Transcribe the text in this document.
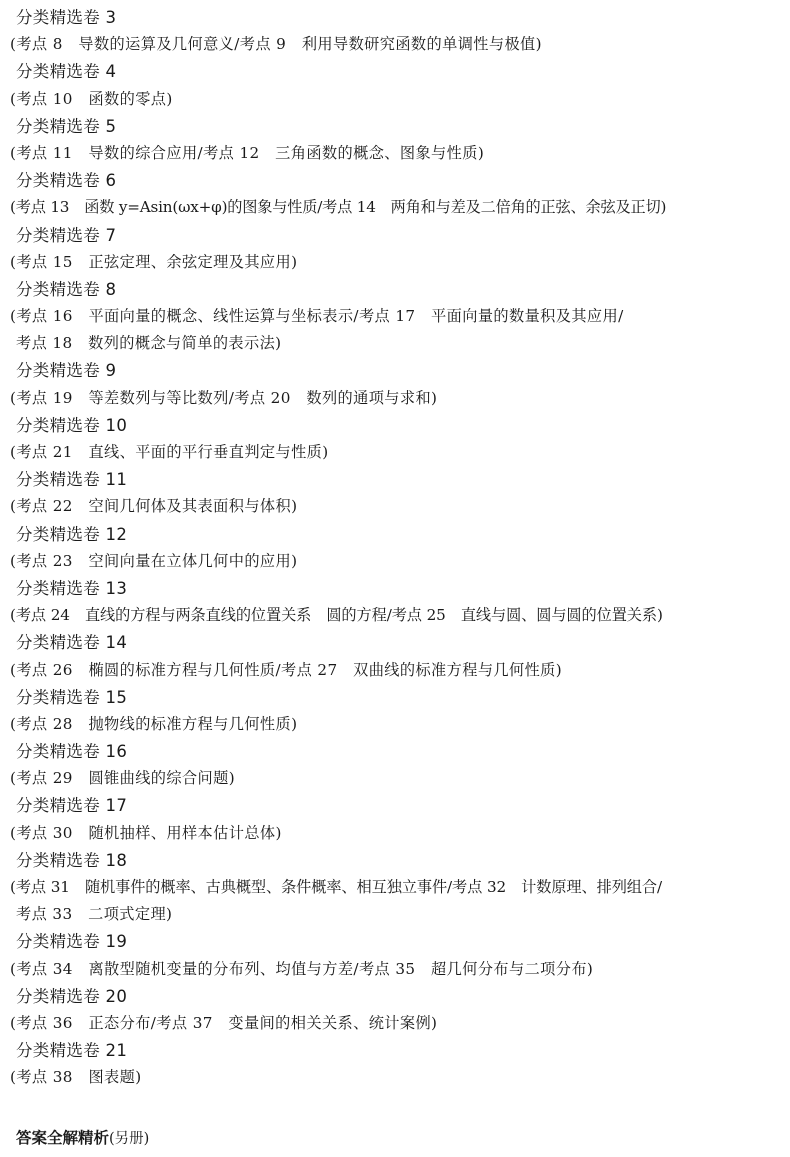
分类精选卷 3
(考点 8　导数的运算及几何意义/考点 9　利用导数研究函数的单调性与极值)
分类精选卷 4
(考点 10　函数的零点)
分类精选卷 5
(考点 11　导数的综合应用/考点 12　三角函数的概念、图象与性质)
分类精选卷 6
(考点 13　函数 y=Asin(ωx+φ)的图象与性质/考点 14　两角和与差及二倍角的正弦、余弦及正切)
分类精选卷 7
(考点 15　正弦定理、余弦定理及其应用)
分类精选卷 8
(考点 16　平面向量的概念、线性运算与坐标表示/考点 17　平面向量的数量积及其应用/
考点 18　数列的概念与简单的表示法)
分类精选卷 9
(考点 19　等差数列与等比数列/考点 20　数列的通项与求和)
分类精选卷 10
(考点 21　直线、平面的平行垂直判定与性质)
分类精选卷 11
(考点 22　空间几何体及其表面积与体积)
分类精选卷 12
(考点 23　空间向量在立体几何中的应用)
分类精选卷 13
(考点 24　直线的方程与两条直线的位置关系　圆的方程/考点 25　直线与圆、圆与圆的位置关系)
分类精选卷 14
(考点 26　椭圆的标准方程与几何性质/考点 27　双曲线的标准方程与几何性质)
分类精选卷 15
(考点 28　抛物线的标准方程与几何性质)
分类精选卷 16
(考点 29　圆锥曲线的综合问题)
分类精选卷 17
(考点 30　随机抽样、用样本估计总体)
分类精选卷 18
(考点 31　随机事件的概率、古典概型、条件概率、相互独立事件/考点 32　计数原理、排列组合/
考点 33　二项式定理)
分类精选卷 19
(考点 34　离散型随机变量的分布列、均值与方差/考点 35　超几何分布与二项分布)
分类精选卷 20
(考点 36　正态分布/考点 37　变量间的相关关系、统计案例)
分类精选卷 21
(考点 38　图表题)
答案全解精析(另册)
